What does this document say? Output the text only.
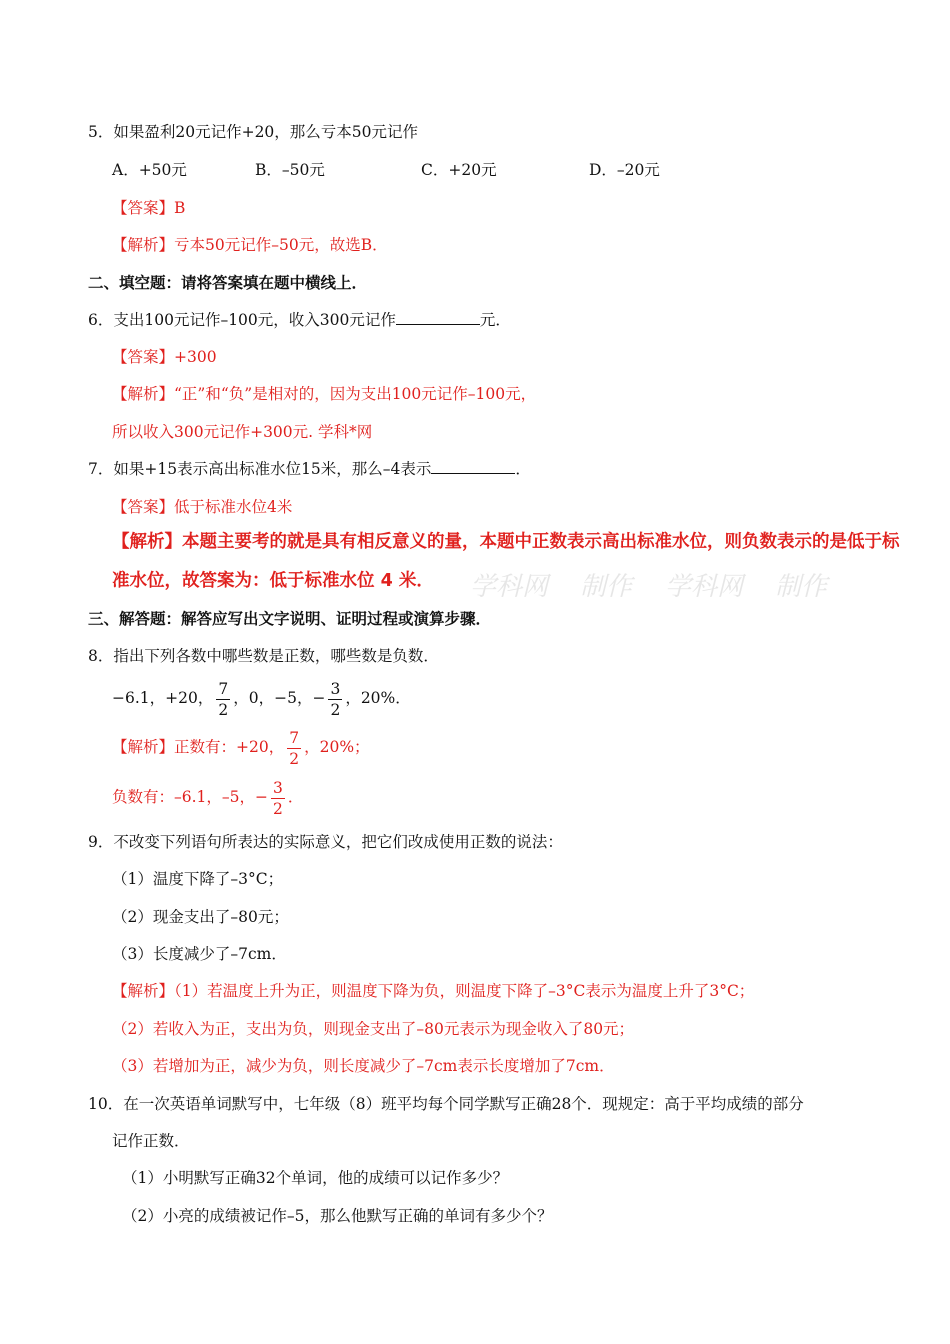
学科网 制作 学科网 制作
5．如果盈利20元记作+20，那么亏本50元记作
A．+50元	B．–50元	C．+20元	D．–20元
【答案】B
【解析】亏本50元记作–50元，故选B．
二、填空题：请将答案填在题中横线上．
6．支出100元记作–100元，收入300元记作	元．
【答案】+300
【解析】“正”和“负”是相对的，因为支出100元记作–100元，
所以收入300元记作+300元. 学科*网
7．如果+15表示高出标准水位15米，那么–4表示	．
【答案】低于标准水位4米
【解析】本题主要考的就是具有相反意义的量，本题中正数表示高出标准水位，则负数表示的是低于标
准水位，故答案为：低于标准水位 4 米．
三、解答题：解答应写出文字说明、证明过程或演算步骤．
8．指出下列各数中哪些数是正数，哪些数是负数．
−6.1，+20， $\frac{7}{2}$ ，0，−5，− $\frac{3}{2}$ ，20%．
【解析】正数有：+20， $\frac{7}{2}$ ，20%；
负数有：–6.1，–5，− $\frac{3}{2}$ ．
9．不改变下列语句所表达的实际意义，把它们改成使用正数的说法：
（1）温度下降了–3°C；
（2）现金支出了–80元；
（3）长度减少了–7cm．
【解析】（1）若温度上升为正，则温度下降为负，则温度下降了–3°C表示为温度上升了3°C；
（2）若收入为正，支出为负，则现金支出了–80元表示为现金收入了80元；
（3）若增加为正，减少为负，则长度减少了–7cm表示长度增加了7cm．
10．在一次英语单词默写中，七年级（8）班平均每个同学默写正确28个．现规定：高于平均成绩的部分
记作正数．
（1）小明默写正确32个单词，他的成绩可以记作多少？
（2）小亮的成绩被记作–5，那么他默写正确的单词有多少个？
